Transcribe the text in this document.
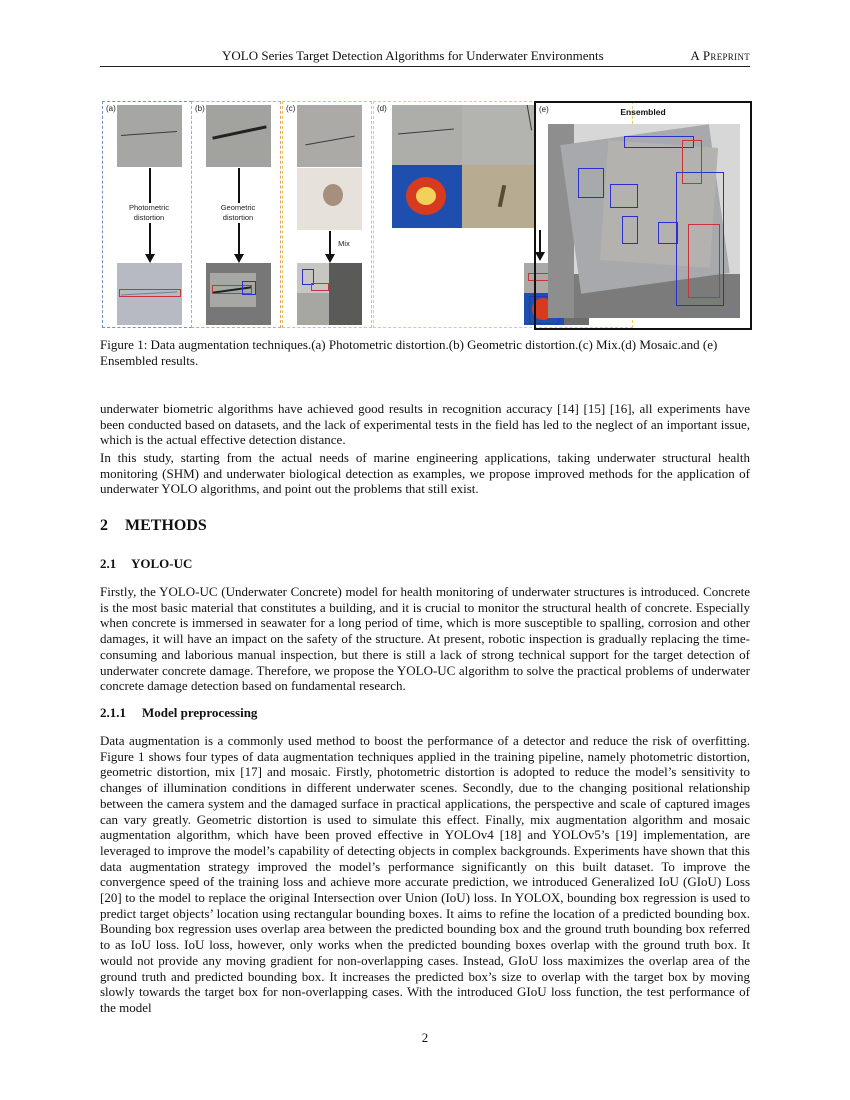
YOLO Series Target Detection Algorithms for Underwater Environments	A Preprint
(a)
Photometric distortion
(b)
Geometric distortion
(c)
Mix
(d)	(e)	Ensembled
Figure 1: Data augmentation techniques.(a) Photometric distortion.(b) Geometric distortion.(c) Mix.(d) Mosaic.and (e) Ensembled results.

underwater biometric algorithms have achieved good results in recognition accuracy [14] [15] [16], all experiments have been conducted based on datasets, and the lack of experimental tests in the field has led to the neglect of an important issue, which is the actual effective detection distance.

In this study, starting from the actual needs of marine engineering applications, taking underwater structural health monitoring (SHM) and underwater biological detection as examples, we propose improved methods for the application of underwater YOLO algorithms, and point out the problems that still exist.

2 METHODS
2.1 YOLO-UC

Firstly, the YOLO-UC (Underwater Concrete) model for health monitoring of underwater structures is introduced. Concrete is the most basic material that constitutes a building, and it is crucial to monitor the structural health of concrete. Especially when concrete is immersed in seawater for a long period of time, which is more susceptible to spalling, corrosion and other damages, it will have an impact on the safety of the structure. At present, robotic inspection is gradually replacing the time-consuming and laborious manual inspection, but there is still a lack of strong technical support for the target detection of underwater concrete damage. Therefore, we propose the YOLO-UC algorithm to solve the practical problems of underwater concrete damage detection based on fundamental research.

2.1.1 Model preprocessing

Data augmentation is a commonly used method to boost the performance of a detector and reduce the risk of overfitting. Figure 1 shows four types of data augmentation techniques applied in the training pipeline, namely photometric distortion, geometric distortion, mix [17] and mosaic. Firstly, photometric distortion is adopted to reduce the model’s sensitivity to changes of illumination conditions in different underwater scenes. Secondly, due to the changing positional relationship between the camera system and the damaged surface in practical applications, the perspective and scale of captured images can vary greatly. Geometric distortion is used to simulate this effect. Finally, mix augmentation algorithm and mosaic augmentation algorithm, which have been proved effective in YOLOv4 [18] and YOLOv5’s [19] implementation, are leveraged to improve the model’s capability of detecting objects in complex backgrounds. Experiments have shown that this data augmentation strategy improved the model’s performance significantly on this built dataset. To improve the convergence speed of the training loss and achieve more accurate prediction, we introduced Generalized IoU (GIoU) Loss [20] to the model to replace the original Intersection over Union (IoU) loss. In YOLOX, bounding box regression is used to predict target objects’ location using rectangular bounding boxes. It aims to refine the location of a predicted bounding box. Bounding box regression uses overlap area between the predicted bounding box and the ground truth bounding box referred to as IoU loss. IoU loss, however, only works when the predicted bounding boxes overlap with the ground truth box. It would not provide any moving gradient for non-overlapping cases. Instead, GIoU loss maximizes the overlap area of the ground truth and predicted bounding box. It increases the predicted box’s size to overlap with the target box by moving slowly towards the target box for non-overlapping cases. With the introduced GIoU loss function, the test performance of the model

2
